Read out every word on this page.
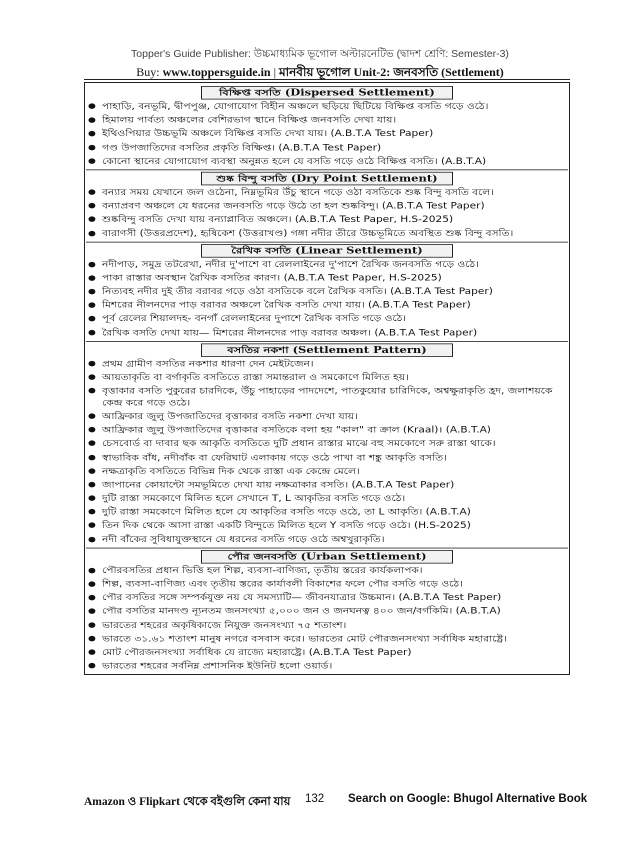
Topper's Guide Publisher: উচ্চমাধ্যমিক ভূগোল অল্টারনেটিভ (দ্বাদশ শ্রেণি: Semester-3)
Buy: www.toppersguide.in | মানবীয় ভূগোল Unit-2: জনবসতি (Settlement)
বিক্ষিপ্ত বসতি (Dispersed Settlement)
● পাহাড়ি, বনভূমি, দ্বীপপুঞ্জ, যোগাযোগ বিহীন অঞ্চলে ছড়িয়ে ছিটিয়ে বিক্ষিপ্ত বসতি গড়ে ওঠে।
● হিমালয় পার্বত্য অঞ্চলের বেশিরভাগ স্থানে বিক্ষিপ্ত জনবসতি দেখা যায়।
● ইথিওপিয়ার উচ্চভূমি অঞ্চলে বিক্ষিপ্ত বসতি দেখা যায়। (A.B.T.A Test Paper)
● গণ্ড উপজাতিদের বসতির প্রকৃতি বিক্ষিপ্ত। (A.B.T.A Test Paper)
● কোনো স্থানের যোগাযোগ ব্যবস্থা অনুন্নত হলে যে বসতি গড়ে ওঠে বিক্ষিপ্ত বসতি। (A.B.T.A)
শুষ্ক বিন্দু বসতি (Dry Point Settlement)
● বন্যার সময় যেখানে জল ওঠেনা, নিম্নভূমির উঁচু স্থানে গড়ে ওঠা বসতিকে শুষ্ক বিন্দু বসতি বলে।
● বন্যাপ্রবণ অঞ্চলে যে ধরনের জনবসতি গড়ে উঠে তা হল শুষ্কবিন্দু। (A.B.T.A Test Paper)
● শুষ্কবিন্দু বসতি দেখা যায় বন্যাপ্লাবিত অঞ্চলে। (A.B.T.A Test Paper, H.S-2025)
● বারাণসী (উত্তরপ্রদেশ), হৃষিকেশ (উত্তরাখণ্ড) গঙ্গা নদীর তীরে উচ্চভূমিতে অবস্থিত শুষ্ক বিন্দু বসতি।
রৈখিক বসতি (Linear Settlement)
● নদীপাড়, সমুদ্র তটরেখা, নদীর দু'পাশে বা রেললাইনের দু'পাশে রৈখিক জনবসতি গড়ে ওঠে।
● পাকা রাস্তার অবস্থান রৈখিক বসতির কারণ। (A.B.T.A Test Paper, H.S-2025)
● নিত্যবহ নদীর দুই তীর বরাবর গড়ে ওঠা বসতিকে বলে রৈখিক বসতি। (A.B.T.A Test Paper)
● মিশরের নীলনদের পাড় বরাবর অঞ্চলে রৈখিক বসতি দেখা যায়। (A.B.T.A Test Paper)
● পূর্ব রেলের শিয়ালদহ- বনগাঁ রেললাইনের দুপাশে রৈখিক বসতি গড়ে ওঠে।
● রৈখিক বসতি দেখা যায়— মিশরের নীলনদের পাড় বরাবর অঞ্চল। (A.B.T.A Test Paper)
বসতির নকশা (Settlement Pattern)
● প্রথম গ্রামীণ বসতির নকশার ধারণা দেন মেইটজেন।
● আয়তাকৃতি বা বর্গাকৃতি বসতিতে রাস্তা সমান্তরাল ও সমকোণে মিলিত হয়।
● বৃত্তাকার বসতি পুকুরের চারদিকে, উঁচু পাহাড়ের পাদদেশে, পাতকুয়োর চারিদিকে, অশ্বক্ষুরাকৃতি হ্রদ, জলাশয়কে কেন্দ্র করে গড়ে ওঠে।
● আফ্রিকার জুলু উপজাতিদের বৃত্তাকার বসতি নকশা দেখা যায়।
● আফ্রিকার জুলু উপজাতিদের বৃত্তাকার বসতিকে বলা হয় "কাল" বা ক্রাল (Kraal)। (A.B.T.A)
● চেসবোর্ড বা দাবার ছক আকৃতি বসতিতে দুটি প্রধান রাস্তার মাঝে বহু সমকোণে সরু রাস্তা থাকে।
● স্বাভাবিক বাঁধ, নদীবাঁক বা ফেরিঘাট এলাকায় গড়ে ওঠে পাখা বা শঙ্কু আকৃতি বসতি।
● নক্ষত্রাকৃতি বসতিতে বিভিন্ন দিক থেকে রাস্তা এক কেন্দ্রে মেলে।
● জাপানের কোয়ান্টো সমভূমিতে দেখা যায় নক্ষত্রাকার বসতি। (A.B.T.A Test Paper)
● দুটি রাস্তা সমকোণে মিলিত হলে সেখানে T, L আকৃতির বসতি গড়ে ওঠে।
● দুটি রাস্তা সমকোণে মিলিত হলে যে আকৃতির বসতি গড়ে ওঠে, তা L আকৃতি। (A.B.T.A)
● তিন দিক থেকে আসা রাস্তা একটি বিন্দুতে মিলিত হলে Y বসতি গড়ে ওঠে। (H.S-2025)
● নদী বাঁকের সুবিধাযুক্তস্থানে যে ধরনের বসতি গড়ে ওঠে অশ্বখুরাকৃতি।
পৌর জনবসতি (Urban Settlement)
● পৌরবসতির প্রধান ভিত্তি হল শিল্প, ব্যবসা-বাণিজ্য, তৃতীয় স্তরের কার্যকলাপক।
● শিল্প, ব্যবসা-বাণিজ্য এবং তৃতীয় স্তরের কার্যাবলী বিকাশের ফলে পৌর বসতি গড়ে ওঠে।
● পৌর বসতির সঙ্গে সম্পর্কযুক্ত নয় যে সমস্যাটি— জীবনযাত্রার উচ্চমান। (A.B.T.A Test Paper)
● পৌর বসতির মানদণ্ড ন্যূনতম জনসংখ্যা ৫,০০০ জন ও জনঘনত্ব ৪০০ জন/বর্গকিমি। (A.B.T.A)
● ভারতের শহরের অকৃষিকাজে নিযুক্ত জনসংখ্যা ৭৫ শতাংশ।
● ভারতে ৩১.৬১ শতাংশ মানুষ নগরে বসবাস করে। ভারতের মোট পৌরজনসংখ্যা সর্বাধিক মহারাষ্ট্রে।
● মোট পৌরজনসংখ্যা সর্বাধিক যে রাজ্যে মহারাষ্ট্রে। (A.B.T.A Test Paper)
● ভারতের শহরের সর্বনিম্ন প্রশাসনিক ইউনিট হলো ওয়ার্ড।
Amazon ও Flipkart থেকে বইগুলি কেনা যায় 132 Search on Google: Bhugol Alternative Book
